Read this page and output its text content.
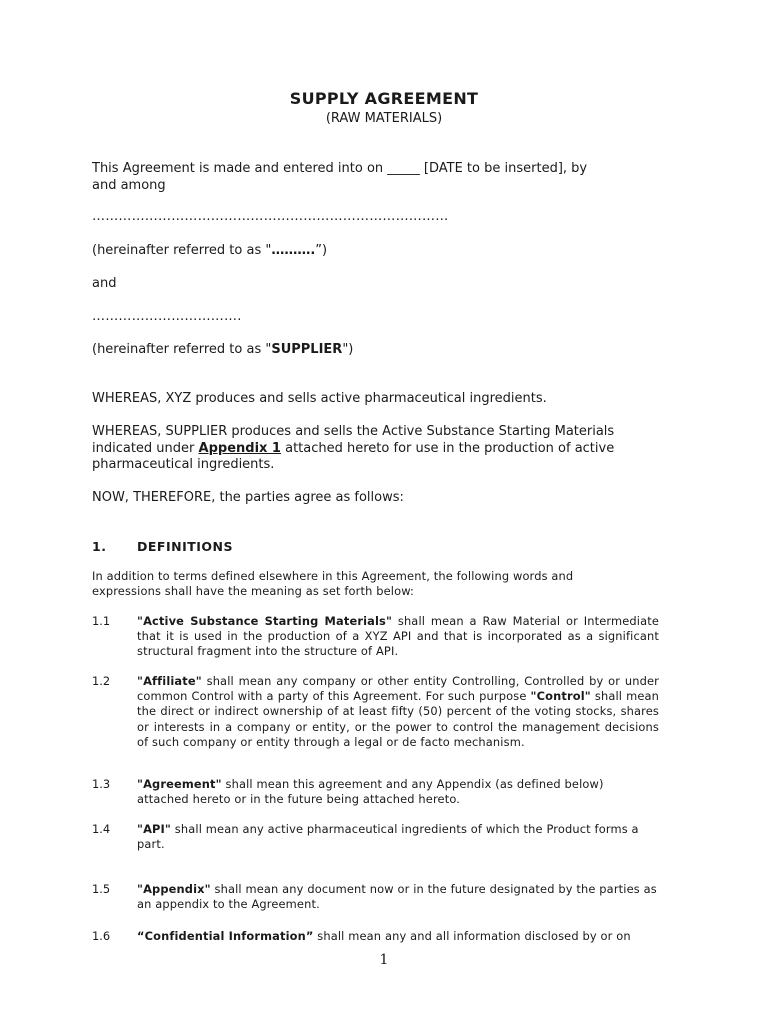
SUPPLY AGREEMENT
(RAW MATERIALS)
This Agreement is made and entered into on _____ [DATE to be inserted], by
and among
………………………………………………………………………
(hereinafter referred to as "……….”)
and
…………………………….
(hereinafter referred to as "SUPPLIER")
WHEREAS, XYZ produces and sells active pharmaceutical ingredients.
WHEREAS, SUPPLIER produces and sells the Active Substance Starting Materials
indicated under Appendix 1 attached hereto for use in the production of active
pharmaceutical ingredients.
NOW, THEREFORE, the parties agree as follows:
1. DEFINITIONS
In addition to terms defined elsewhere in this Agreement, the following words and
expressions shall have the meaning as set forth below:
1.1 "Active Substance Starting Materials" shall mean a Raw Material or Intermediate that it is used in the production of a XYZ API and that is incorporated as a significant structural fragment into the structure of API.
1.2 "Affiliate" shall mean any company or other entity Controlling, Controlled by or under common Control with a party of this Agreement. For such purpose "Control" shall mean the direct or indirect ownership of at least fifty (50) percent of the voting stocks, shares or interests in a company or entity, or the power to control the management decisions of such company or entity through a legal or de facto mechanism.
1.3 "Agreement" shall mean this agreement and any Appendix (as defined below) attached hereto or in the future being attached hereto.
1.4 "API" shall mean any active pharmaceutical ingredients of which the Product forms a part.
1.5 "Appendix" shall mean any document now or in the future designated by the parties as an appendix to the Agreement.
1.6 “Confidential Information” shall mean any and all information disclosed by or on
1
